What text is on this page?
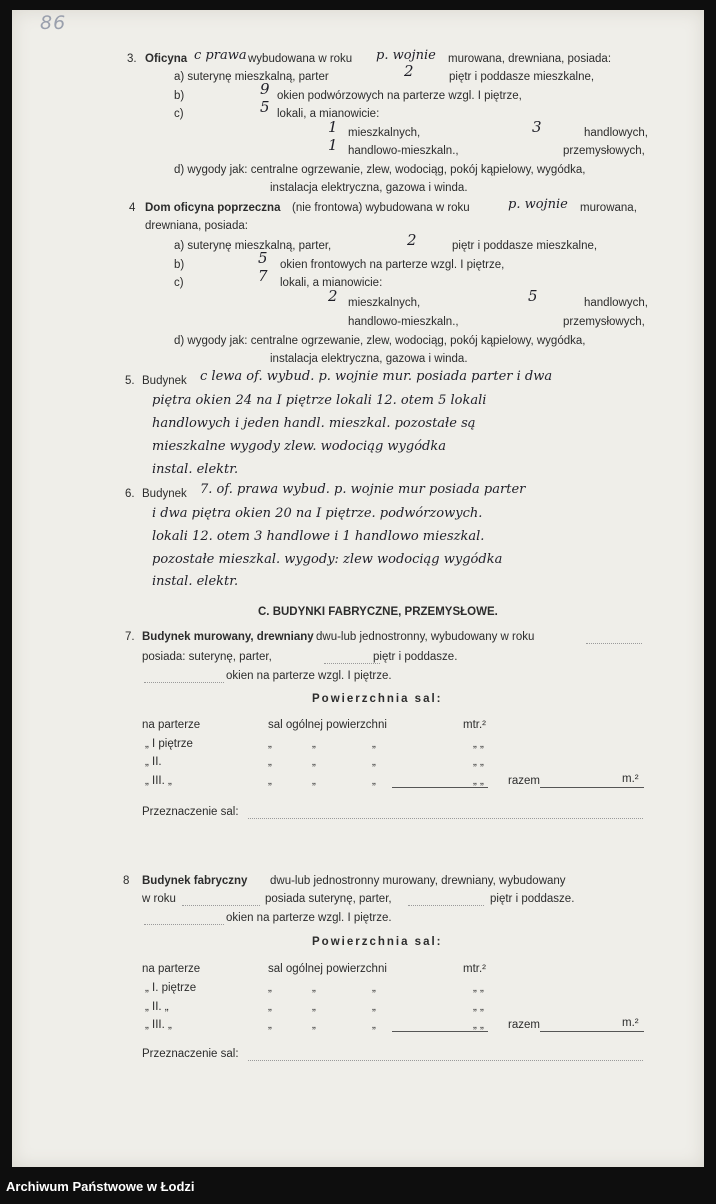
86
3. Oficyna c prawa wybudowana w roku p. wojnie murowana, drewniana, posiada:
a) suterynę mieszkalną, parter	2	piętr i poddasze mieszkalne,
b)	9 okien podwórzowych na parterze wzgl. I piętrze,
c)	5 lokali, a mianowicie:
1 mieszkalnych,	3	handlowych,
1 handlowo-mieszkaln.,	przemysłowych,
d) wygody jak: centralne ogrzewanie, zlew, wodociąg, pokój kąpielowy, wygódka,
instalacja elektryczna, gazowa i winda.
4 Dom oficyna poprzeczna (nie frontowa) wybudowana w roku	p. wojnie murowana,
drewniana, posiada:
a) suterynę mieszkalną, parter,	2	piętr i poddasze mieszkalne,
b)	5 okien frontowych na parterze wzgl. I piętrze,
c)	7 lokali, a mianowicie:
2 mieszkalnych,	5	handlowych,
handlowo-mieszkaln.,	przemysłowych,
d) wygody jak: centralne ogrzewanie, zlew, wodociąg, pokój kąpielowy, wygódka,
instalacja elektryczna, gazowa i winda.
5. Budynek c lewa of. wybud. p. wojnie mur. posiada parter i dwa
piętra okien 24 na I piętrze lokali 12. otem 5 lokali
handlowych i jeden handl. mieszkal. pozostałe są
mieszkalne wygody zlew. wodociąg wygódka
instal. elektr.
6. Budynek 7. of. prawa wybud. p. wojnie mur posiada parter
i dwa piętra okien 20 na I piętrze. podwórzowych.
lokali 12. otem 3 handlowe i 1 handlowo mieszkal.
pozostałe mieszkal. wygody: zlew wodociąg wygódka
instal. elektr.
C. BUDYNKI FABRYCZNE, PRZEMYSŁOWE.
7. Budynek murowany, drewniany dwu-lub jednostronny, wybudowany w roku
posiada: suterynę, parter,	piętr i poddasze.
okien na parterze wzgl. I piętrze.
Powierzchnia sal:
na parterze	sal ogólnej powierzchni	mtr.²
„ I piętrze	„	„	„	„ „
„ II.	„	„	„	„ „
„ III. „	„	„	„	„ „ razem	m.²
Przeznaczenie sal:
8 Budynek fabryczny dwu-lub jednostronny murowany, drewniany, wybudowany
w roku	posiada suterynę, parter,	piętr i poddasze.
okien na parterze wzgl. I piętrze.
Powierzchnia sal:
na parterze	sal ogólnej powierzchni	mtr.²
„ I. piętrze	„	„	„	„ „
„ II. „	„	„	„	„ „
„ III. „	„	„	„	„ „ razem	m.²
Przeznaczenie sal:
Archiwum Państwowe w Łodzi
